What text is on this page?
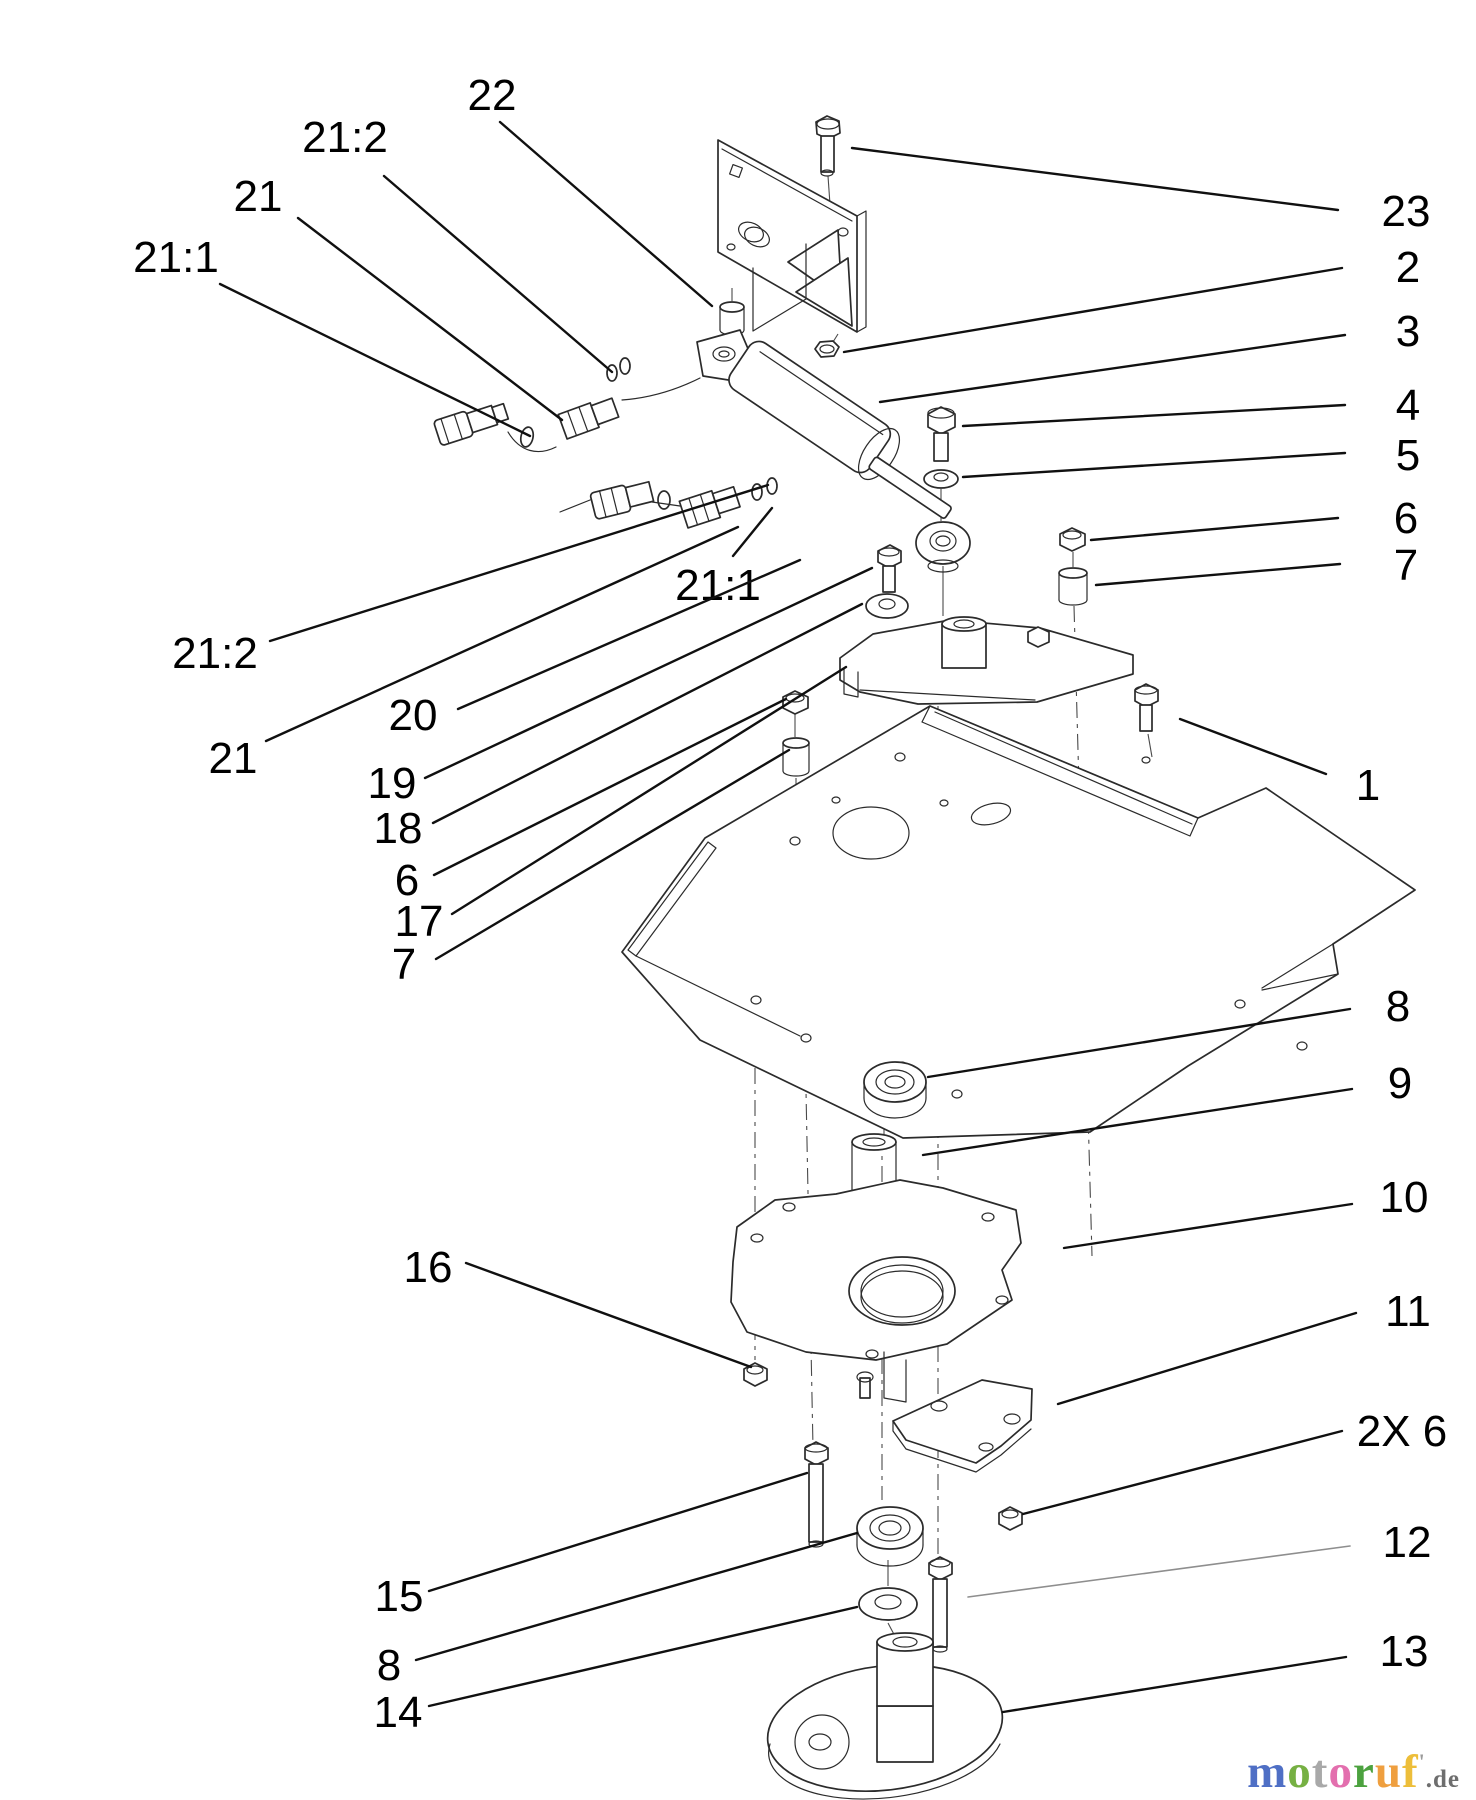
22
21:2
21
21:1
23
2
3
4
5
6
7
1
8
9
10
11
2X 6
12
13
21:1
21:2
21
20
19
18
6
17
7
16
15
8
14
motoruf'.de
